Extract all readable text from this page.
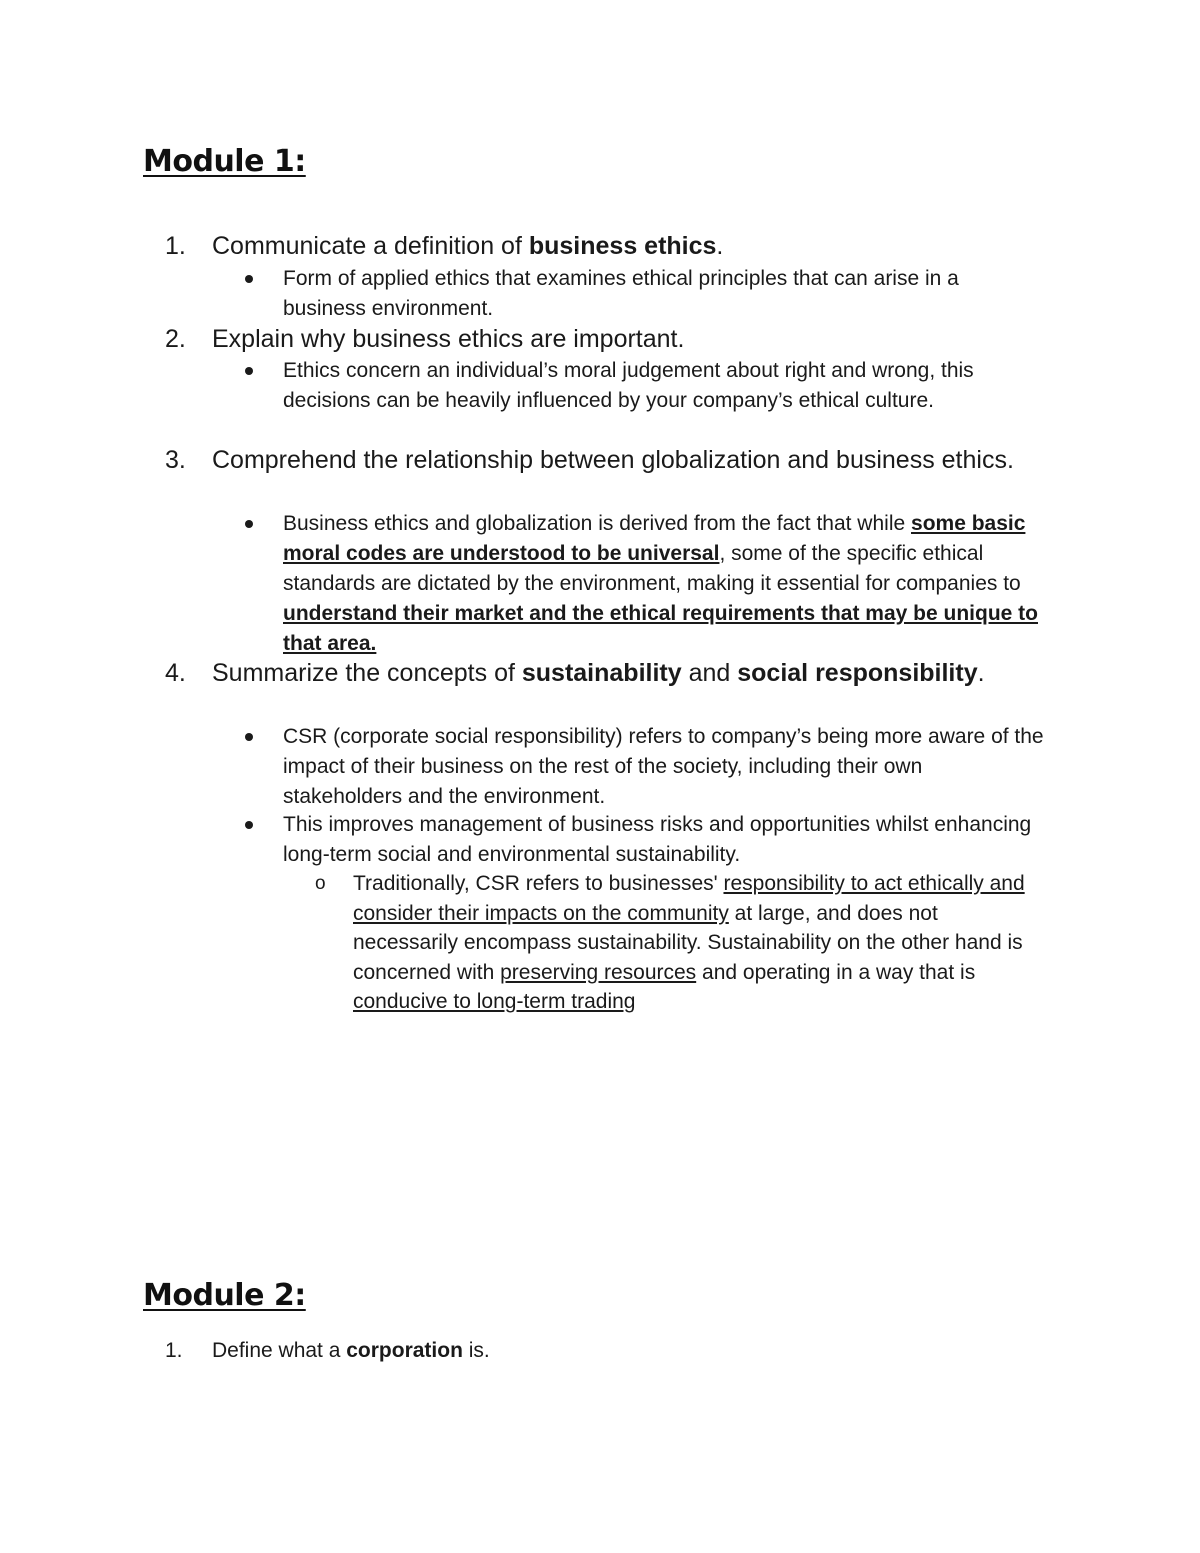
Module 1:
1.	Communicate a definition of business ethics.
Form of applied ethics that examines ethical principles that can arise in a business environment.
2.	Explain why business ethics are important.
Ethics concern an individual’s moral judgement about right and wrong, this decisions can be heavily influenced by your company’s ethical culture.
3.	Comprehend the relationship between globalization and business ethics.
Business ethics and globalization is derived from the fact that while some basic moral codes are understood to be universal, some of the specific ethical standards are dictated by the environment, making it essential for companies to understand their market and the ethical requirements that may be unique to that area.
4.	Summarize the concepts of sustainability and social responsibility.
CSR (corporate social responsibility) refers to company’s being more aware of the impact of their business on the rest of the society, including their own stakeholders and the environment.
This improves management of business risks and opportunities whilst enhancing long-term social and environmental sustainability.
o	Traditionally, CSR refers to businesses' responsibility to act ethically and consider their impacts on the community at large, and does not necessarily encompass sustainability. Sustainability on the other hand is concerned with preserving resources and operating in a way that is conducive to long-term trading
Module 2:
1.	Define what a corporation is.
